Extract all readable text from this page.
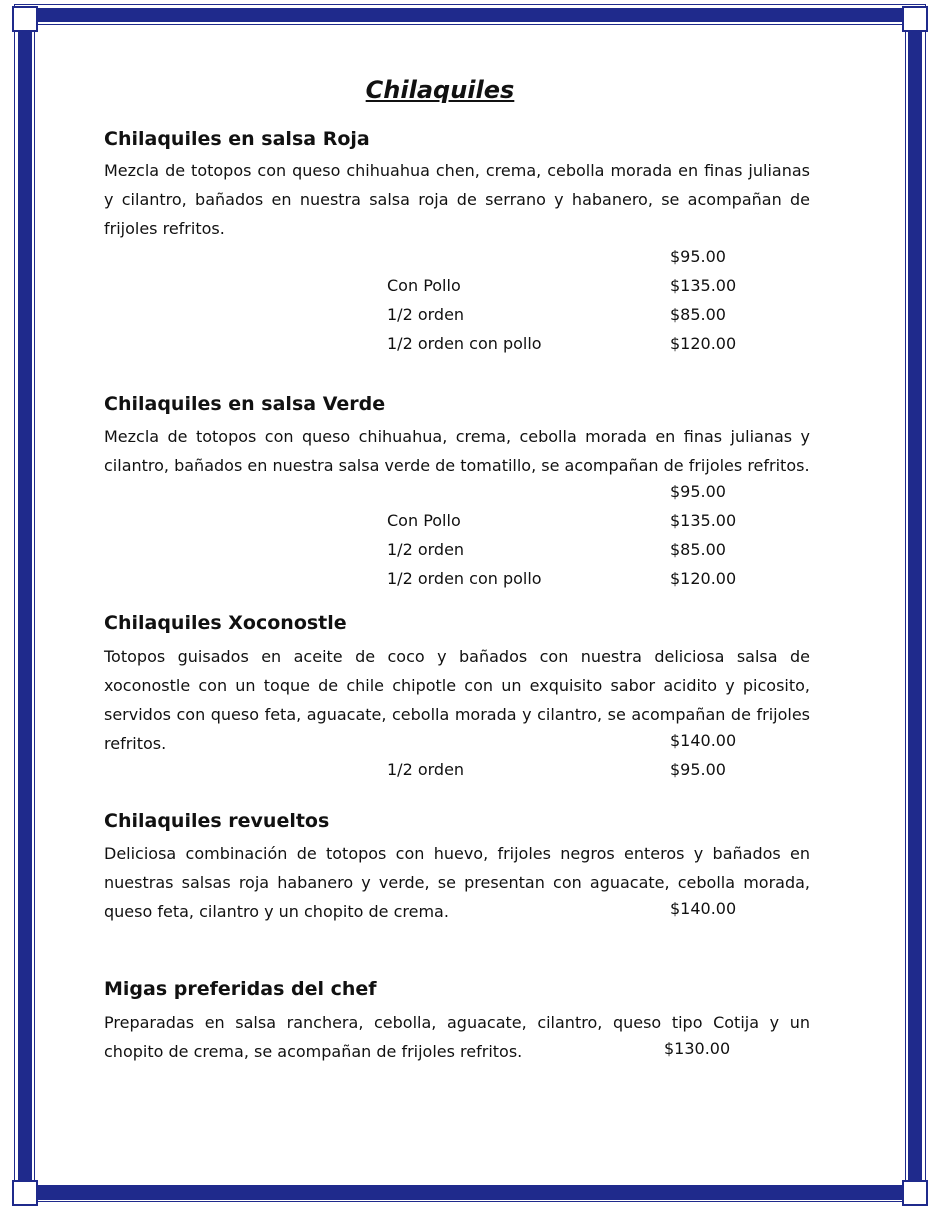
Chilaquiles
Chilaquiles en salsa Roja
Mezcla de totopos con queso chihuahua chen, crema, cebolla morada en finas julianas y cilantro, bañados en nuestra salsa roja de serrano y habanero, se acompañan de frijoles refritos.
$95.00
Con Pollo	$135.00
1/2 orden	$85.00
1/2 orden con pollo	$120.00
Chilaquiles en salsa Verde
Mezcla de totopos con queso chihuahua, crema, cebolla morada en finas julianas y cilantro, bañados en nuestra salsa verde de tomatillo, se acompañan de frijoles refritos.
$95.00
Con Pollo	$135.00
1/2 orden	$85.00
1/2 orden con pollo	$120.00
Chilaquiles Xoconostle
Totopos guisados en aceite de coco y bañados con nuestra deliciosa salsa de xoconostle con un toque de chile chipotle con un exquisito sabor acidito y picosito, servidos con queso feta, aguacate, cebolla morada y cilantro, se acompañan de frijoles refritos.	$140.00
1/2 orden	$95.00
Chilaquiles revueltos
Deliciosa combinación de totopos con huevo, frijoles negros enteros y bañados en nuestras salsas roja habanero y verde, se presentan con aguacate, cebolla morada, queso feta, cilantro y un chopito de crema.	$140.00
Migas preferidas del chef
Preparadas en salsa ranchera, cebolla, aguacate, cilantro, queso tipo Cotija y un chopito de crema, se acompañan de frijoles refritos.	$130.00
